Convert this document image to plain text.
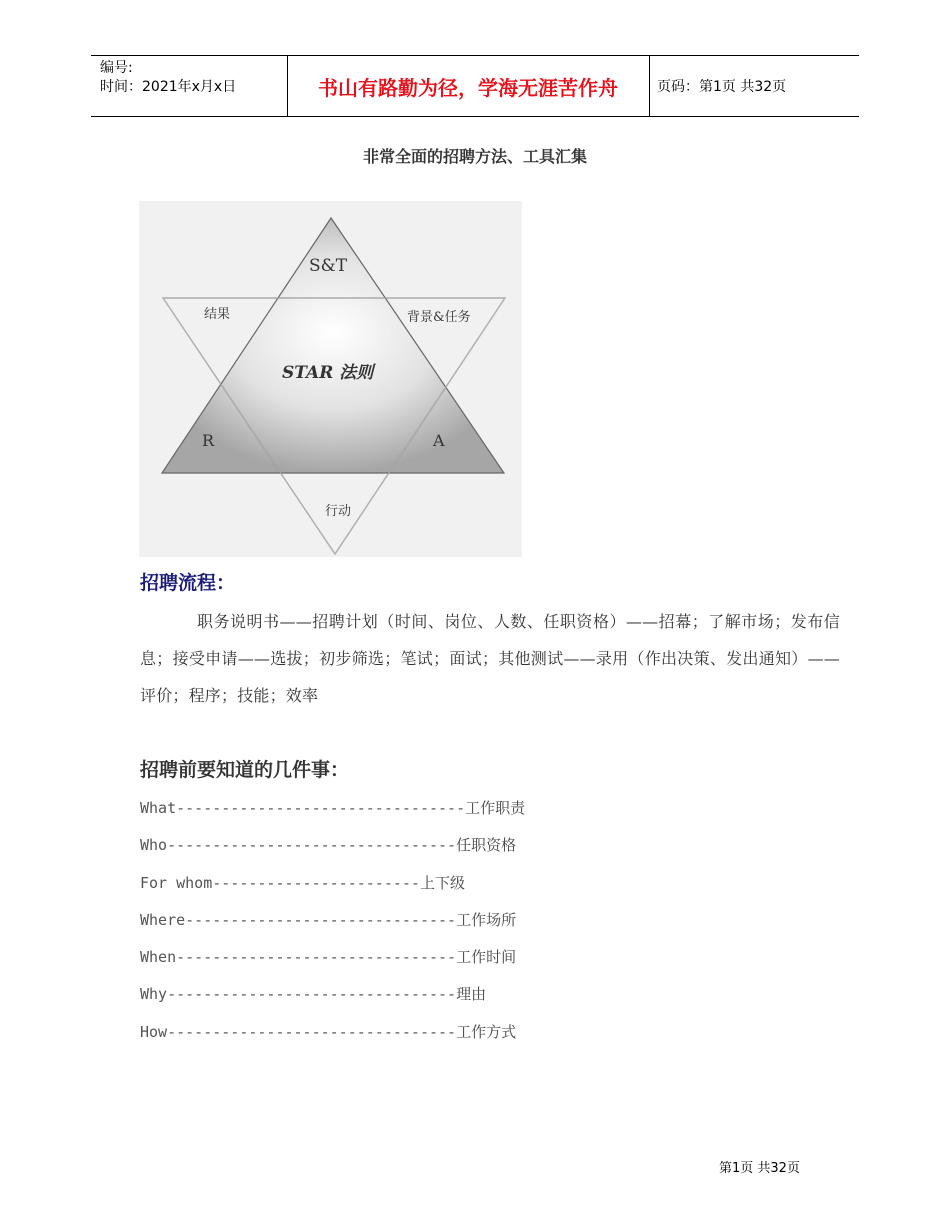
编号:
时间：2021年x月x日	书山有路勤为径，学海无涯苦作舟	页码：第1页 共32页
非常全面的招聘方法、工具汇集
S&T
结果	背景&任务
STAR 法则
R	A
行动
招聘流程：
职务说明书——招聘计划（时间、岗位、人数、任职资格）——招幕；了解市场；发布信息；接受申请——选拔；初步筛选；笔试；面试；其他测试——录用（作出决策、发出通知）——评价；程序；技能；效率
招聘前要知道的几件事：
What--------------------------------工作职责
Who--------------------------------任职资格
For whom-----------------------上下级
Where------------------------------工作场所
When-------------------------------工作时间
Why--------------------------------理由
How--------------------------------工作方式
第1页 共32页
